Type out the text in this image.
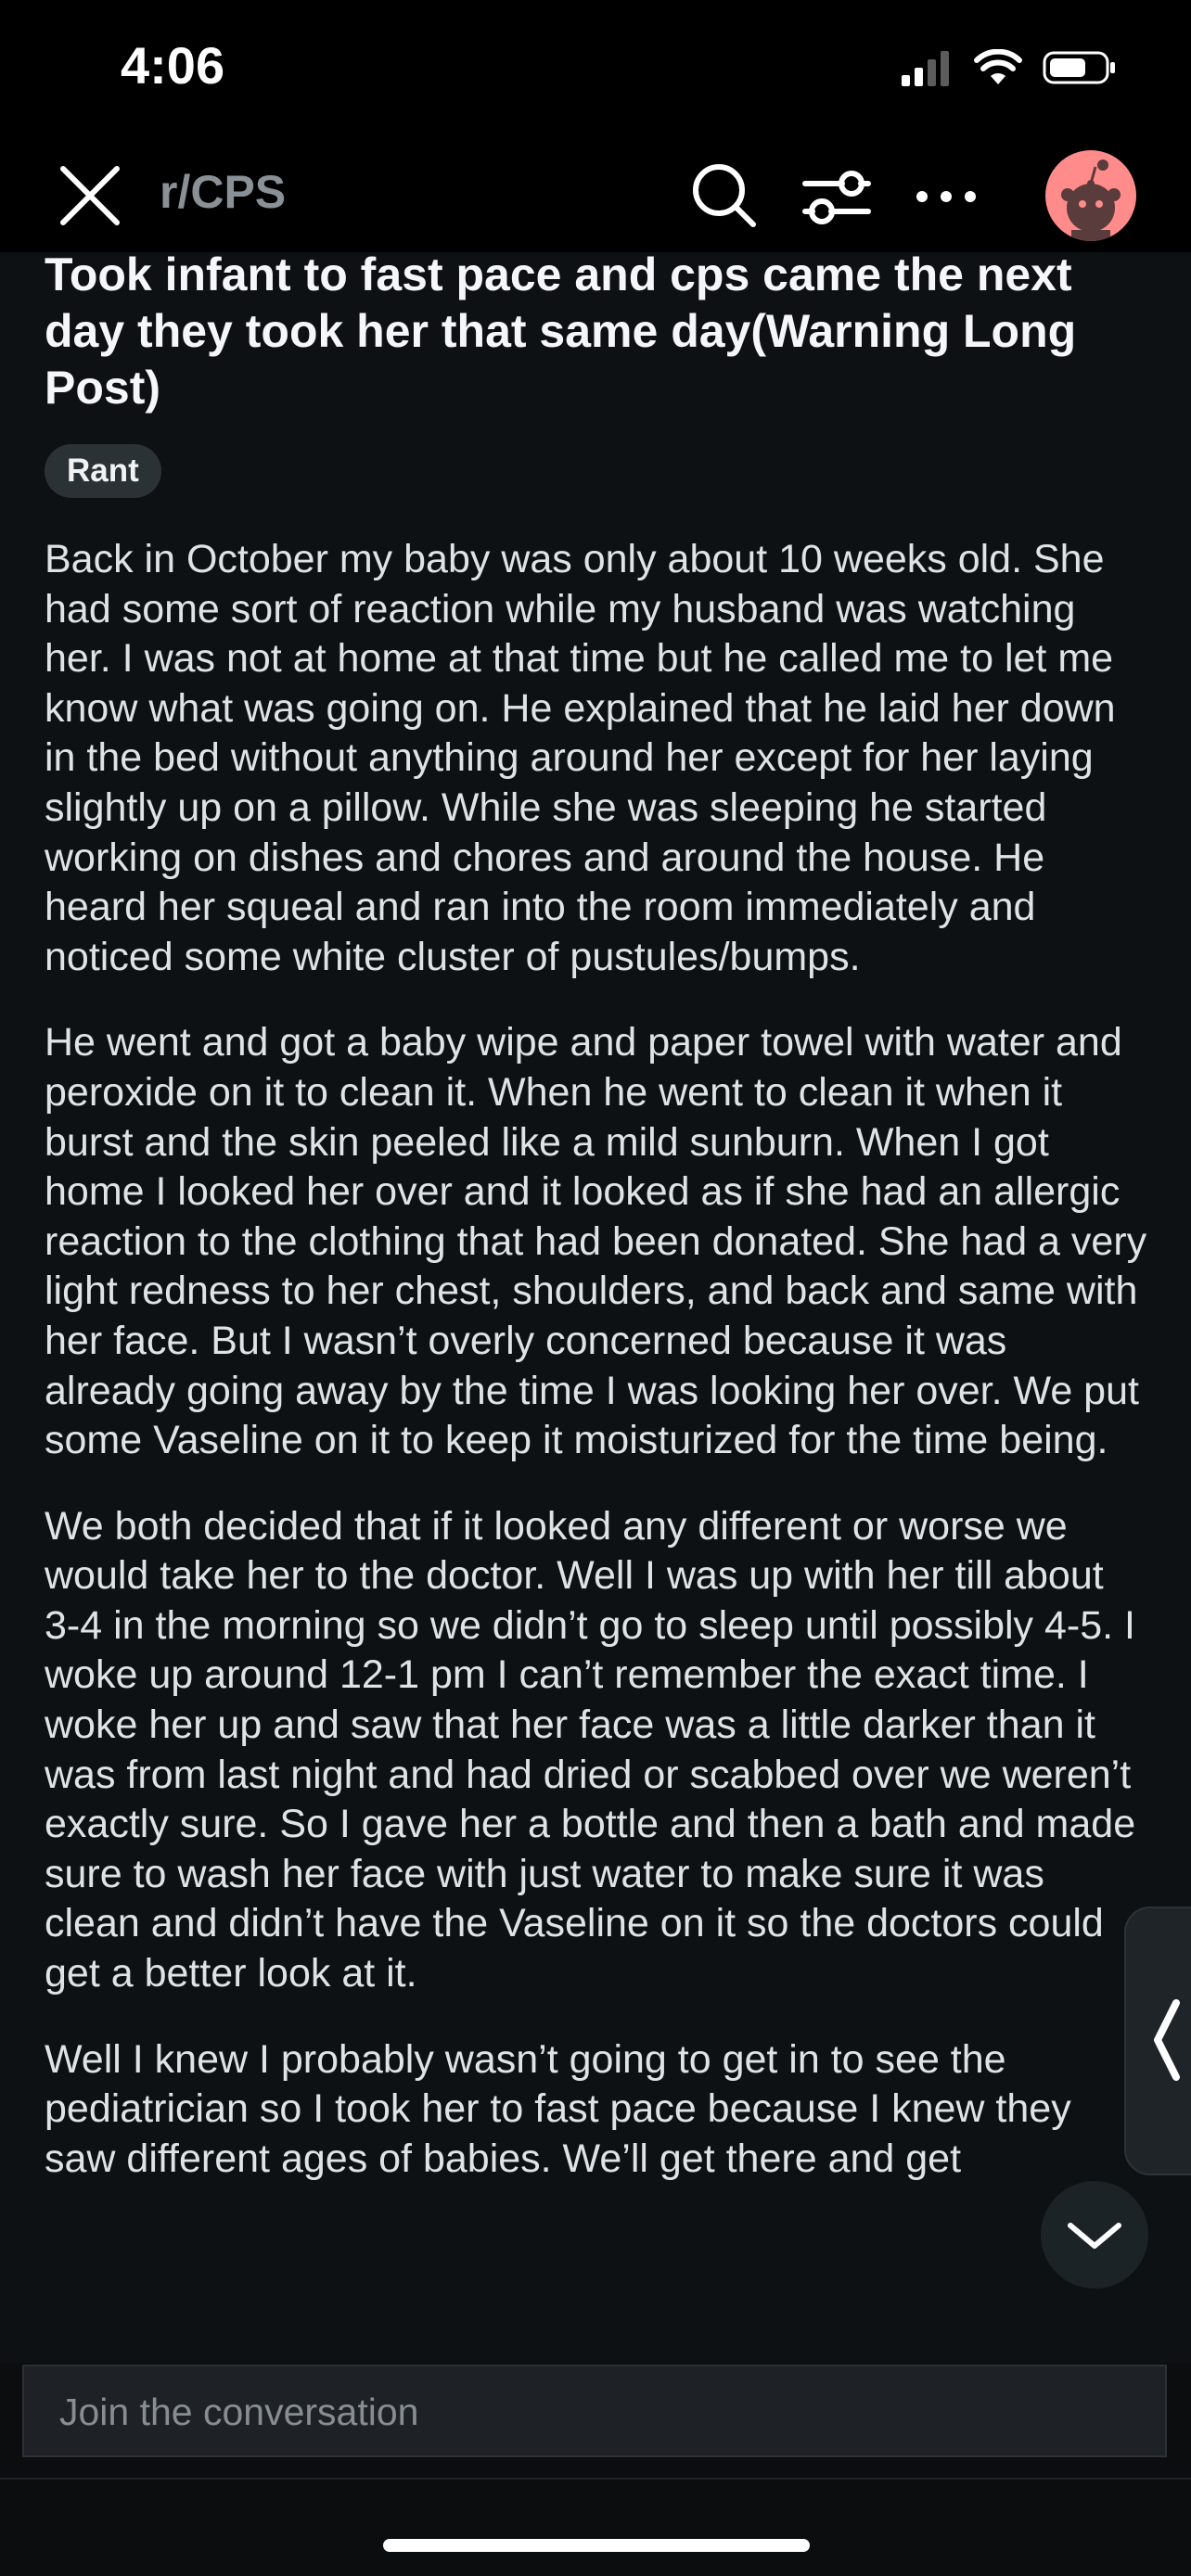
4:06
r/CPS
Took infant to fast pace and cps came the next day they took her that same day(Warning Long Post)
Rant

Back in October my baby was only about 10 weeks old. She had some sort of reaction while my husband was watching her. I was not at home at that time but he called me to let me know what was going on. He explained that he laid her down in the bed without anything around her except for her laying slightly up on a pillow. While she was sleeping he started working on dishes and chores and around the house. He heard her squeal and ran into the room immediately and noticed some white cluster of pustules/bumps.

He went and got a baby wipe and paper towel with water and peroxide on it to clean it. When he went to clean it when it burst and the skin peeled like a mild sunburn. When I got home I looked her over and it looked as if she had an allergic reaction to the clothing that had been donated. She had a very light redness to her chest, shoulders, and back and same with her face. But I wasn’t overly concerned because it was already going away by the time I was looking her over. We put some Vaseline on it to keep it moisturized for the time being.

We both decided that if it looked any different or worse we would take her to the doctor. Well I was up with her till about 3-4 in the morning so we didn’t go to sleep until possibly 4-5. I woke up around 12-1 pm I can’t remember the exact time. I woke her up and saw that her face was a little darker than it was from last night and had dried or scabbed over we weren’t exactly sure. So I gave her a bottle and then a bath and made sure to wash her face with just water to make sure it was clean and didn’t have the Vaseline on it so the doctors could get a better look at it.

Well I knew I probably wasn’t going to get in to see the pediatrician so I took her to fast pace because I knew they saw different ages of babies. We’ll get there and get

Join the conversation
